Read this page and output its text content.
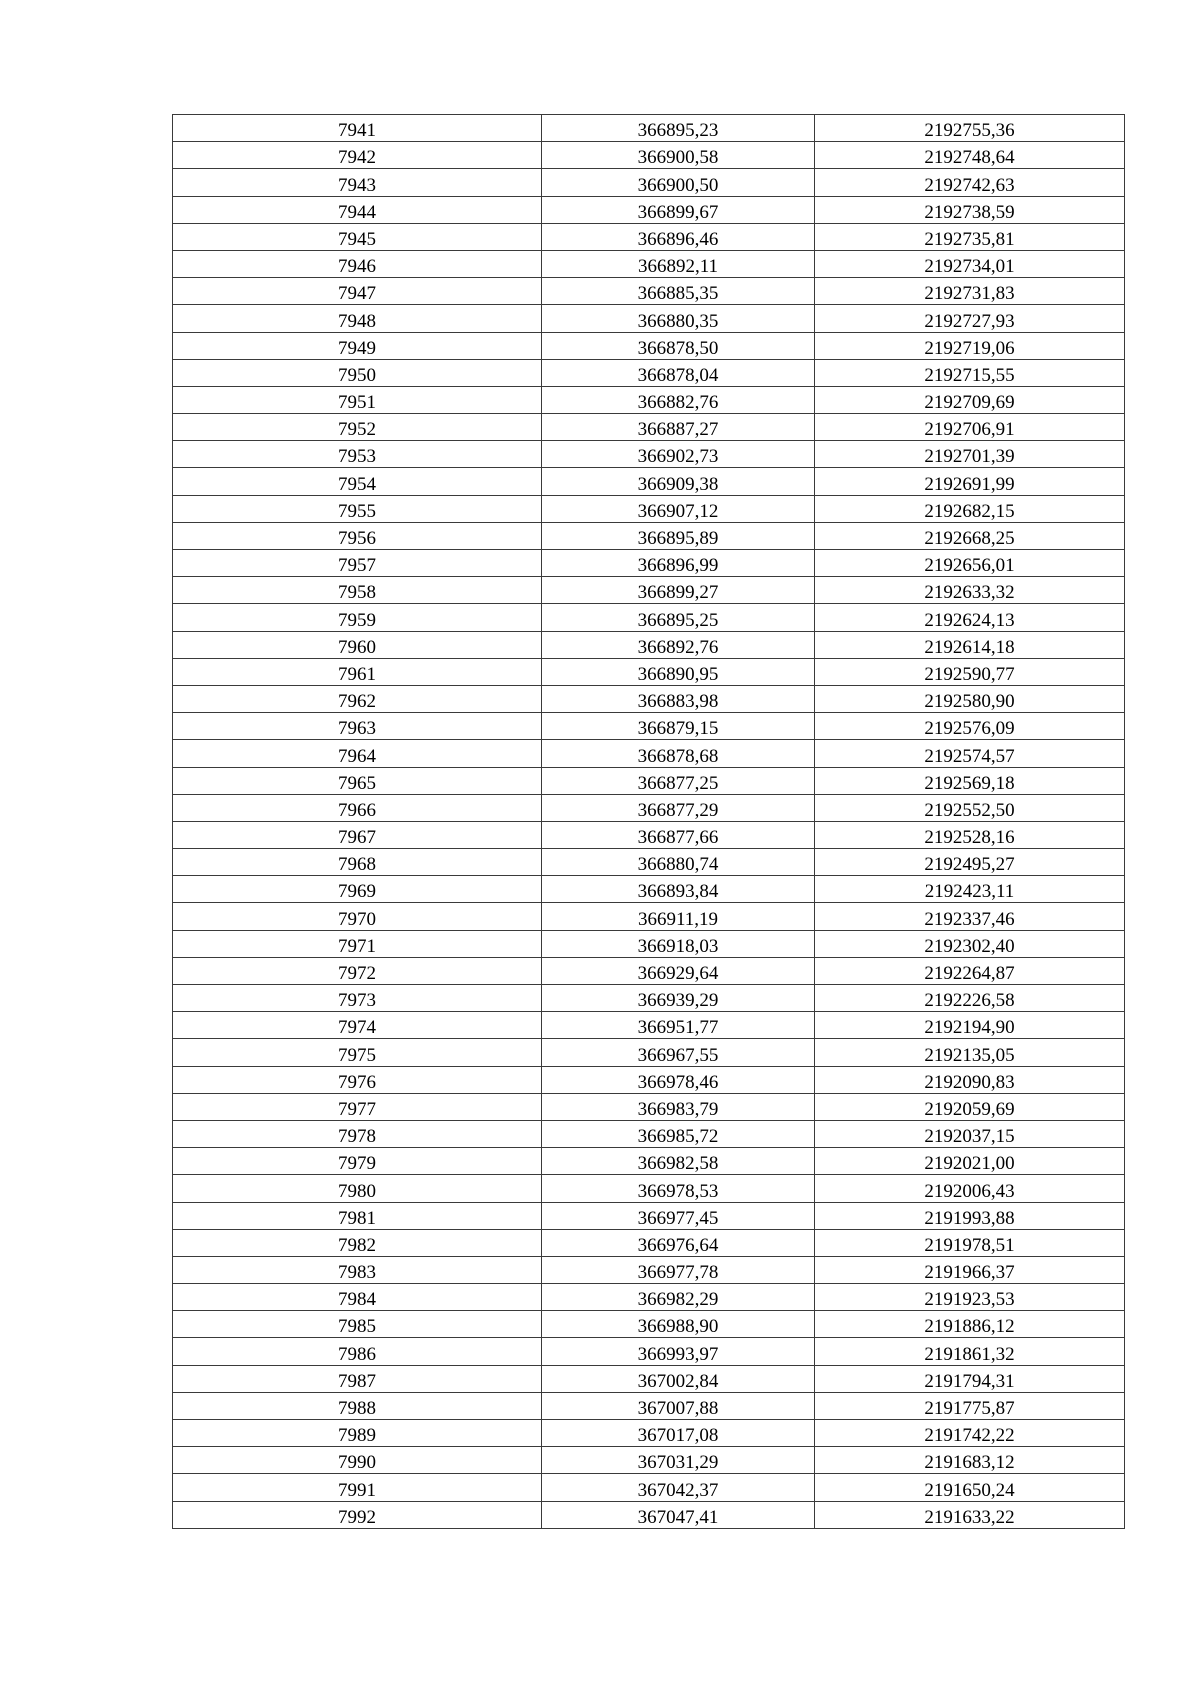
7941	366895,23	2192755,36
7942	366900,58	2192748,64
7943	366900,50	2192742,63
7944	366899,67	2192738,59
7945	366896,46	2192735,81
7946	366892,11	2192734,01
7947	366885,35	2192731,83
7948	366880,35	2192727,93
7949	366878,50	2192719,06
7950	366878,04	2192715,55
7951	366882,76	2192709,69
7952	366887,27	2192706,91
7953	366902,73	2192701,39
7954	366909,38	2192691,99
7955	366907,12	2192682,15
7956	366895,89	2192668,25
7957	366896,99	2192656,01
7958	366899,27	2192633,32
7959	366895,25	2192624,13
7960	366892,76	2192614,18
7961	366890,95	2192590,77
7962	366883,98	2192580,90
7963	366879,15	2192576,09
7964	366878,68	2192574,57
7965	366877,25	2192569,18
7966	366877,29	2192552,50
7967	366877,66	2192528,16
7968	366880,74	2192495,27
7969	366893,84	2192423,11
7970	366911,19	2192337,46
7971	366918,03	2192302,40
7972	366929,64	2192264,87
7973	366939,29	2192226,58
7974	366951,77	2192194,90
7975	366967,55	2192135,05
7976	366978,46	2192090,83
7977	366983,79	2192059,69
7978	366985,72	2192037,15
7979	366982,58	2192021,00
7980	366978,53	2192006,43
7981	366977,45	2191993,88
7982	366976,64	2191978,51
7983	366977,78	2191966,37
7984	366982,29	2191923,53
7985	366988,90	2191886,12
7986	366993,97	2191861,32
7987	367002,84	2191794,31
7988	367007,88	2191775,87
7989	367017,08	2191742,22
7990	367031,29	2191683,12
7991	367042,37	2191650,24
7992	367047,41	2191633,22
